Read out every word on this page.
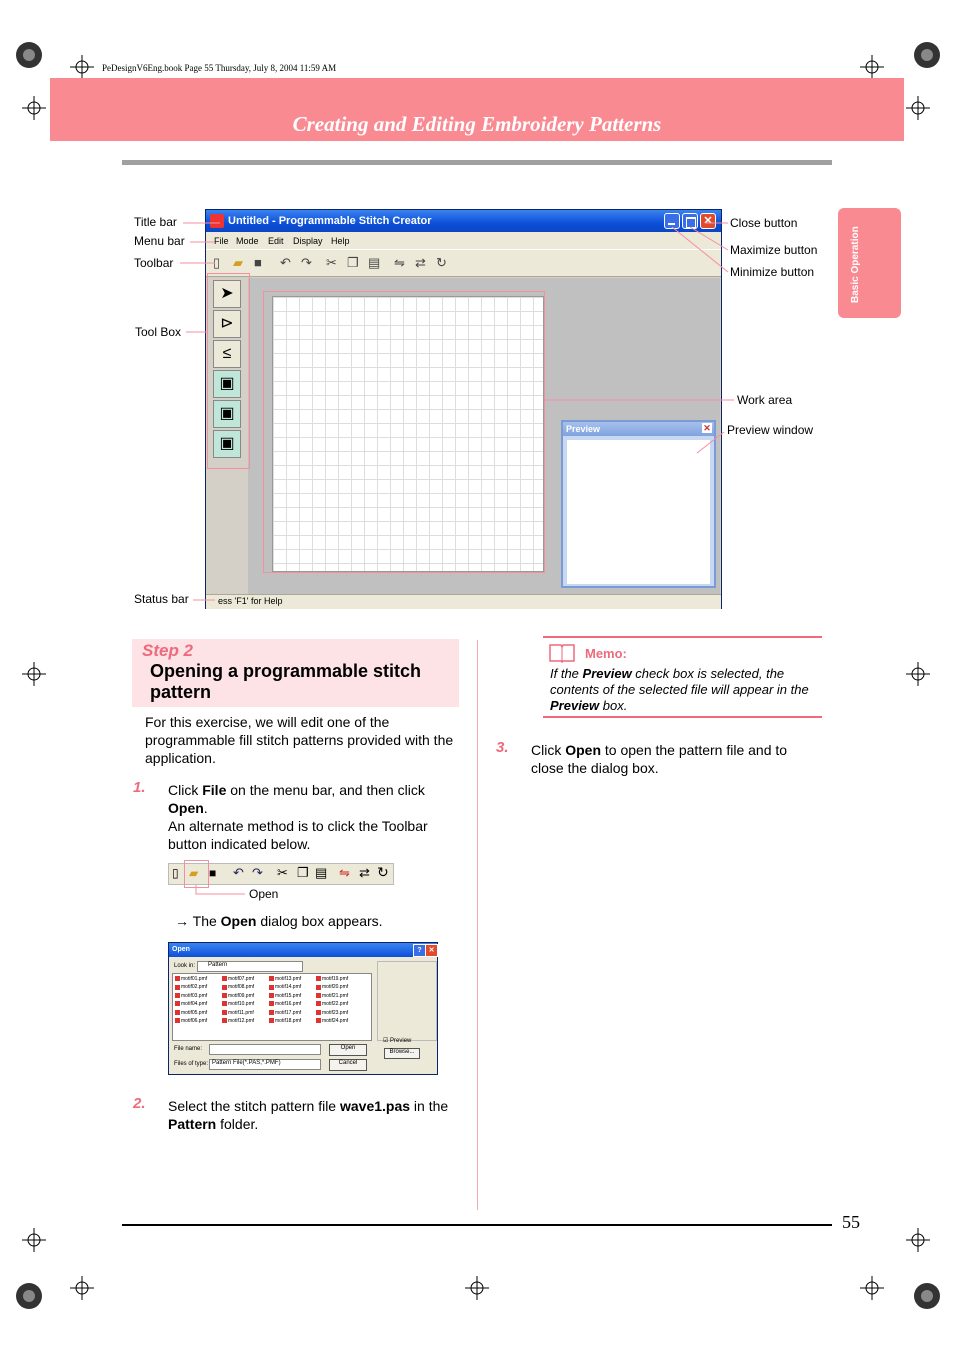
PeDesignV6Eng.book Page 55 Thursday, July 8, 2004 11:59 AM
Creating and Editing Embroidery Patterns
Basic Operation
Untitled - Programmable Stitch Creator	✕
File Mode Edit Display Help
▯ ▰ ■ ↶ ↷ ✂ ❐ ▤ ⇋ ⇄ ↻
➤
⊳
≤
▣
▣
▣
Preview	✕
ess 'F1' for Help
Title bar
Menu bar
Toolbar
Tool Box
Status bar
Close button
Maximize button
Minimize button
Work area
Preview window
Step 2
Opening a programmable stitch pattern
For this exercise, we will edit one of the programmable fill stitch patterns provided with the application.
1. Click File on the menu bar, and then click Open.
An alternate method is to click the Toolbar button indicated below.
▯ ▰ ■ ↶ ↷ ✂ ❐ ▤ ⇋ ⇄ ↻
Open
→ The Open dialog box appears.
Open	? ✕
Look in:	Pattern
motif01.pmf
motif02.pmf
motif03.pmf
motif04.pmf
motif05.pmf
motif06.pmf
motif07.pmf
motif08.pmf
motif09.pmf
motif10.pmf
motif11.pmf
motif12.pmf
motif13.pmf
motif14.pmf
motif15.pmf
motif16.pmf
motif17.pmf
motif18.pmf
motif19.pmf
motif20.pmf
motif21.pmf
motif22.pmf
motif23.pmf
motif24.pmf
File name:
Files of type: Pattern File(*.PAS,*.PMF)
Open
Cancel
☑ Preview
Browse...
2. Select the stitch pattern file wave1.pas in the Pattern folder.
Memo:
If the Preview check box is selected, the contents of the selected file will appear in the Preview box.
3. Click Open to open the pattern file and to close the dialog box.
55
